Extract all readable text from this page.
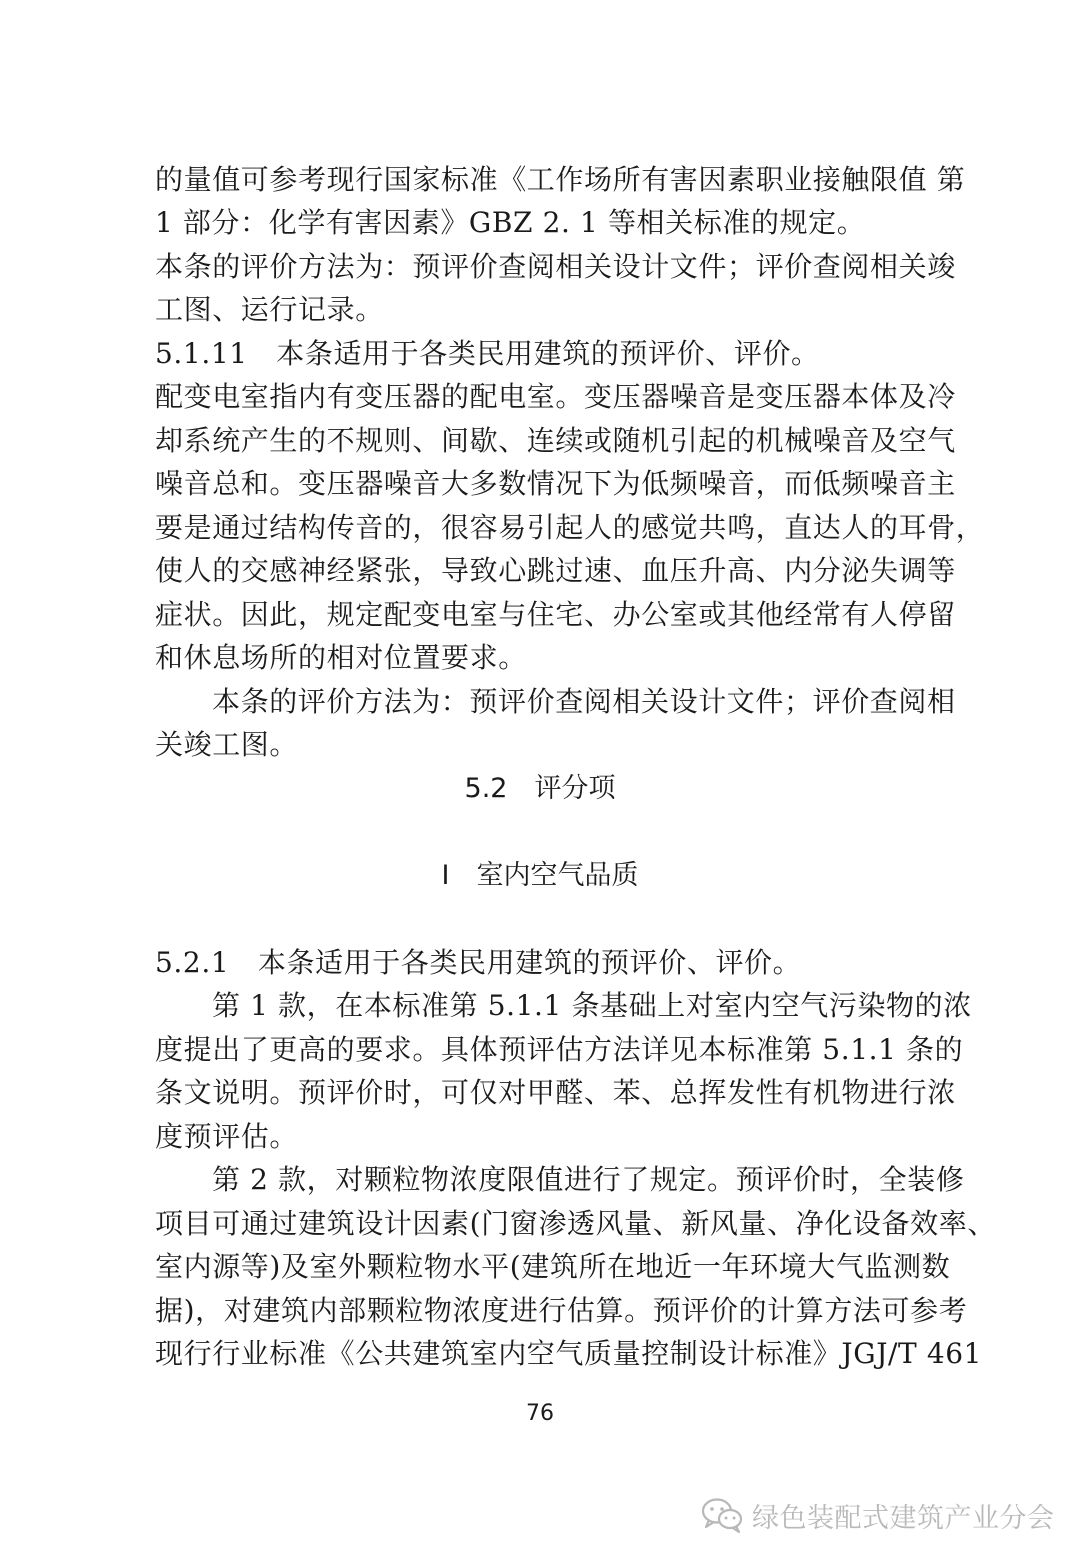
的量值可参考现行国家标准《工作场所有害因素职业接触限值 第
1 部分：化学有害因素》GBZ 2. 1 等相关标准的规定。
本条的评价方法为：预评价查阅相关设计文件；评价查阅相关竣
工图、运行记录。
5.1.11　本条适用于各类民用建筑的预评价、评价。
配变电室指内有变压器的配电室。变压器噪音是变压器本体及冷
却系统产生的不规则、间歇、连续或随机引起的机械噪音及空气
噪音总和。变压器噪音大多数情况下为低频噪音，而低频噪音主
要是通过结构传音的，很容易引起人的感觉共鸣，直达人的耳骨，
使人的交感神经紧张，导致心跳过速、血压升高、内分泌失调等
症状。因此，规定配变电室与住宅、办公室或其他经常有人停留
和休息场所的相对位置要求。
本条的评价方法为：预评价查阅相关设计文件；评价查阅相
关竣工图。
5.2　评分项
Ⅰ　室内空气品质
5.2.1　本条适用于各类民用建筑的预评价、评价。
第 1 款，在本标准第 5.1.1 条基础上对室内空气污染物的浓
度提出了更高的要求。具体预评估方法详见本标准第 5.1.1 条的
条文说明。预评价时，可仅对甲醛、苯、总挥发性有机物进行浓
度预评估。
第 2 款，对颗粒物浓度限值进行了规定。预评价时，全装修
项目可通过建筑设计因素(门窗渗透风量、新风量、净化设备效率、
室内源等)及室外颗粒物水平(建筑所在地近一年环境大气监测数
据)，对建筑内部颗粒物浓度进行估算。预评价的计算方法可参考
现行行业标准《公共建筑室内空气质量控制设计标准》JGJ/T 461
76
绿色装配式建筑产业分会
